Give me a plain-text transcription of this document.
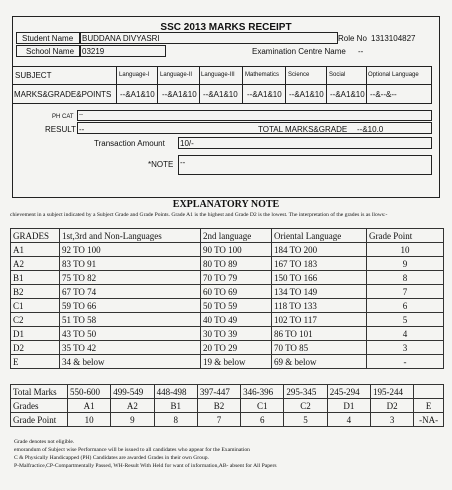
SSC 2013 MARKS RECEIPT
Student Name BUDDANA DIVYASRI	Role No 1313104827
School Name 03219	Examination Centre Name --
SUBJECT	Language-I Language-II Language-III Mathematics Science	Social	Optional Language
MARKS&GRADE&POINTS --&A1&10 --&A1&10 --&A1&10 --&A1&10 --&A1&10 --&A1&10 --&--&--
PH CAT --
RESULT --	TOTAL MARKS&GRADE --&10.0
Transaction Amount 10/-
*NOTE --
EXPLANATORY NOTE
chievement in a subject indicated by a Subject Grade and Grade Points. Grade A1 is the highest and Grade D2 is the lowest. The interpretation of the grades is as llows:-
GRADES	1st,3rd and Non-Languages	2nd language	Oriental Language	Grade Point
A1	92 TO 100	90 TO 100	184 TO 200	10
A2	83 TO 91	80 TO 89	167 TO 183	9
B1	75 TO 82	70 TO 79	150 TO 166	8
B2	67 TO 74	60 TO 69	134 TO 149	7
C1	59 TO 66	50 TO 59	118 TO 133	6
C2	51 TO 58	40 TO 49	102 TO 117	5
D1	43 TO 50	30 TO 39	86 TO 101	4
D2	35 TO 42	20 TO 29	70 TO 85	3
E	34 & below	19 & below	69 & below	-
Total Marks	550-600	499-549	448-498	397-447	346-396	295-345	245-294	195-244	
Grades	A1	A2	B1	B2	C1	C2	D1	D2	E
Grade Point	10	9	8	7	6	5	4	3	-NA-
Grade denotes not eligible.
emorandum of Subject wise Performance will be issued to all candidates who appear for the Examination
C & Physically Handicapped (PH) Candidates are awarded Grades in their own Group.
P-Malfractice,CP-Compartmentally Passed, WH-Result With Held for want of information,AB- absent for All Papers
